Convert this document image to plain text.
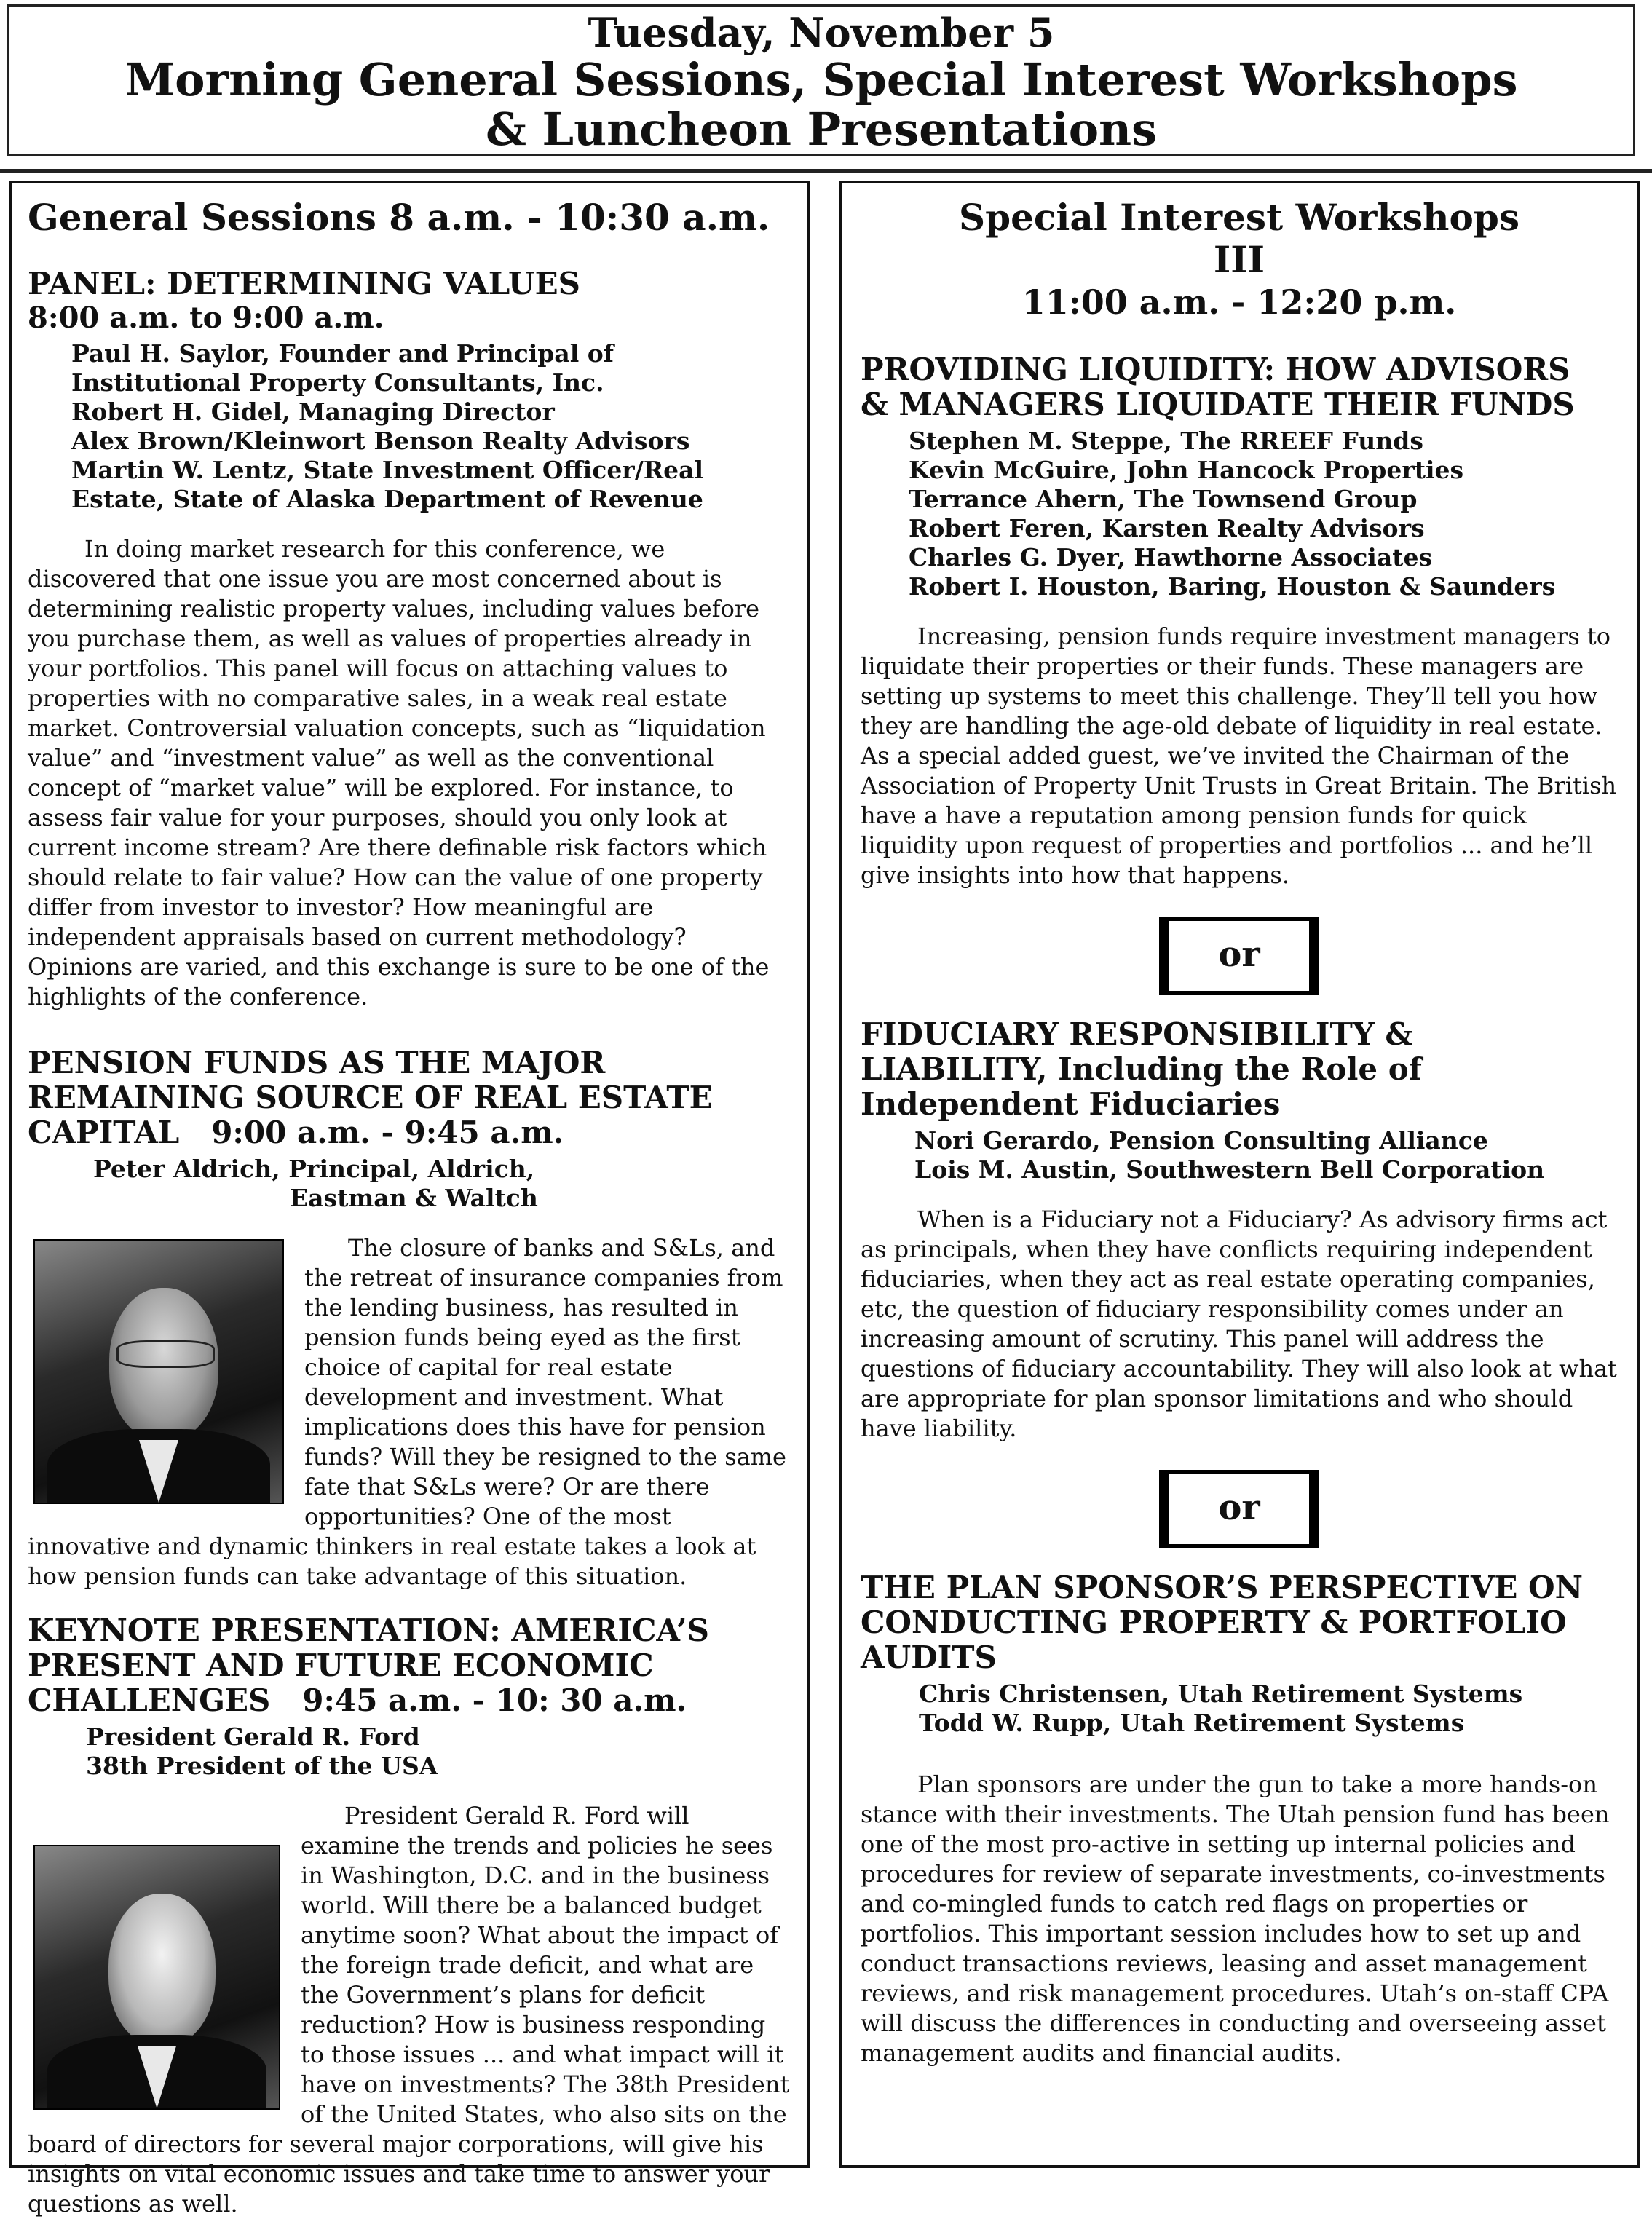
Tuesday, November 5
Morning General Sessions, Special Interest Workshops
& Luncheon Presentations
General Sessions 8 a.m. - 10:30 a.m.

PANEL: DETERMINING VALUES

8:00 a.m. to 9:00 a.m.

Paul H. Saylor, Founder and Principal of
Institutional Property Consultants, Inc.
Robert H. Gidel, Managing Director
Alex Brown/Kleinwort Benson Realty Advisors
Martin W. Lentz, State Investment Officer/Real
Estate, State of Alaska Department of Revenue

In doing market research for this conference, we discovered that one issue you are most concerned about is determining realistic property values, including values before you purchase them, as well as values of properties already in your portfolios. This panel will focus on attaching values to properties with no comparative sales, in a weak real estate market. Controversial valuation concepts, such as “liquidation value” and “investment value” as well as the conventional concept of “market value” will be explored. For instance, to assess fair value for your purposes, should you only look at current income stream? Are there definable risk factors which should relate to fair value? How can the value of one property differ from investor to investor? How meaningful are independent appraisals based on current methodology? Opinions are varied, and this exchange is sure to be one of the highlights of the conference.

PENSION FUNDS AS THE MAJOR

REMAINING SOURCE OF REAL ESTATE

CAPITAL 9:00 a.m. - 9:45 a.m.

Peter Aldrich, Principal, Aldrich,
Eastman & Waltch

The closure of banks and S&Ls, and the retreat of insurance companies from the lending business, has resulted in pension funds being eyed as the first choice of capital for real estate development and investment. What implications does this have for pension funds? Will they be resigned to the same fate that S&Ls were? Or are there opportunities? One of the most innovative and dynamic thinkers in real estate takes a look at how pension funds can take advantage of this situation.

KEYNOTE PRESENTATION: AMERICA’S

PRESENT AND FUTURE ECONOMIC

CHALLENGES 9:45 a.m. - 10: 30 a.m.

President Gerald R. Ford
38th President of the USA

President Gerald R. Ford will examine the trends and policies he sees in Washington, D.C. and in the business world. Will there be a balanced budget anytime soon? What about the impact of the foreign trade deficit, and what are the Government’s plans for deficit reduction? How is business responding to those issues ... and what impact will it have on investments? The 38th President of the United States, who also sits on the board of directors for several major corporations, will give his insights on vital economic issues and take time to answer your questions as well.

Special Interest Workshops
III
11:00 a.m. - 12:20 p.m.

PROVIDING LIQUIDITY: HOW ADVISORS

& MANAGERS LIQUIDATE THEIR FUNDS

Stephen M. Steppe, The RREEF Funds
Kevin McGuire, John Hancock Properties
Terrance Ahern, The Townsend Group
Robert Feren, Karsten Realty Advisors
Charles G. Dyer, Hawthorne Associates
Robert I. Houston, Baring, Houston & Saunders

Increasing, pension funds require investment managers to liquidate their properties or their funds. These managers are setting up systems to meet this challenge. They’ll tell you how they are handling the age-old debate of liquidity in real estate. As a special added guest, we’ve invited the Chairman of the Association of Property Unit Trusts in Great Britain. The British have a have a reputation among pension funds for quick liquidity upon request of properties and portfolios ... and he’ll give insights into how that happens.

or

FIDUCIARY RESPONSIBILITY &

LIABILITY, Including the Role of

Independent Fiduciaries

Nori Gerardo, Pension Consulting Alliance
Lois M. Austin, Southwestern Bell Corporation

When is a Fiduciary not a Fiduciary? As advisory firms act as principals, when they have conflicts requiring independent fiduciaries, when they act as real estate operating companies, etc, the question of fiduciary responsibility comes under an increasing amount of scrutiny. This panel will address the questions of fiduciary accountability. They will also look at what are appropriate for plan sponsor limitations and who should have liability.

or

THE PLAN SPONSOR’S PERSPECTIVE ON

CONDUCTING PROPERTY & PORTFOLIO

AUDITS

Chris Christensen, Utah Retirement Systems
Todd W. Rupp, Utah Retirement Systems

Plan sponsors are under the gun to take a more hands-on stance with their investments. The Utah pension fund has been one of the most pro-active in setting up internal policies and procedures for review of separate investments, co-investments and co-mingled funds to catch red flags on properties or portfolios. This important session includes how to set up and conduct transactions reviews, leasing and asset management reviews, and risk management procedures. Utah’s on-staff CPA will discuss the differences in conducting and overseeing asset management audits and financial audits.
